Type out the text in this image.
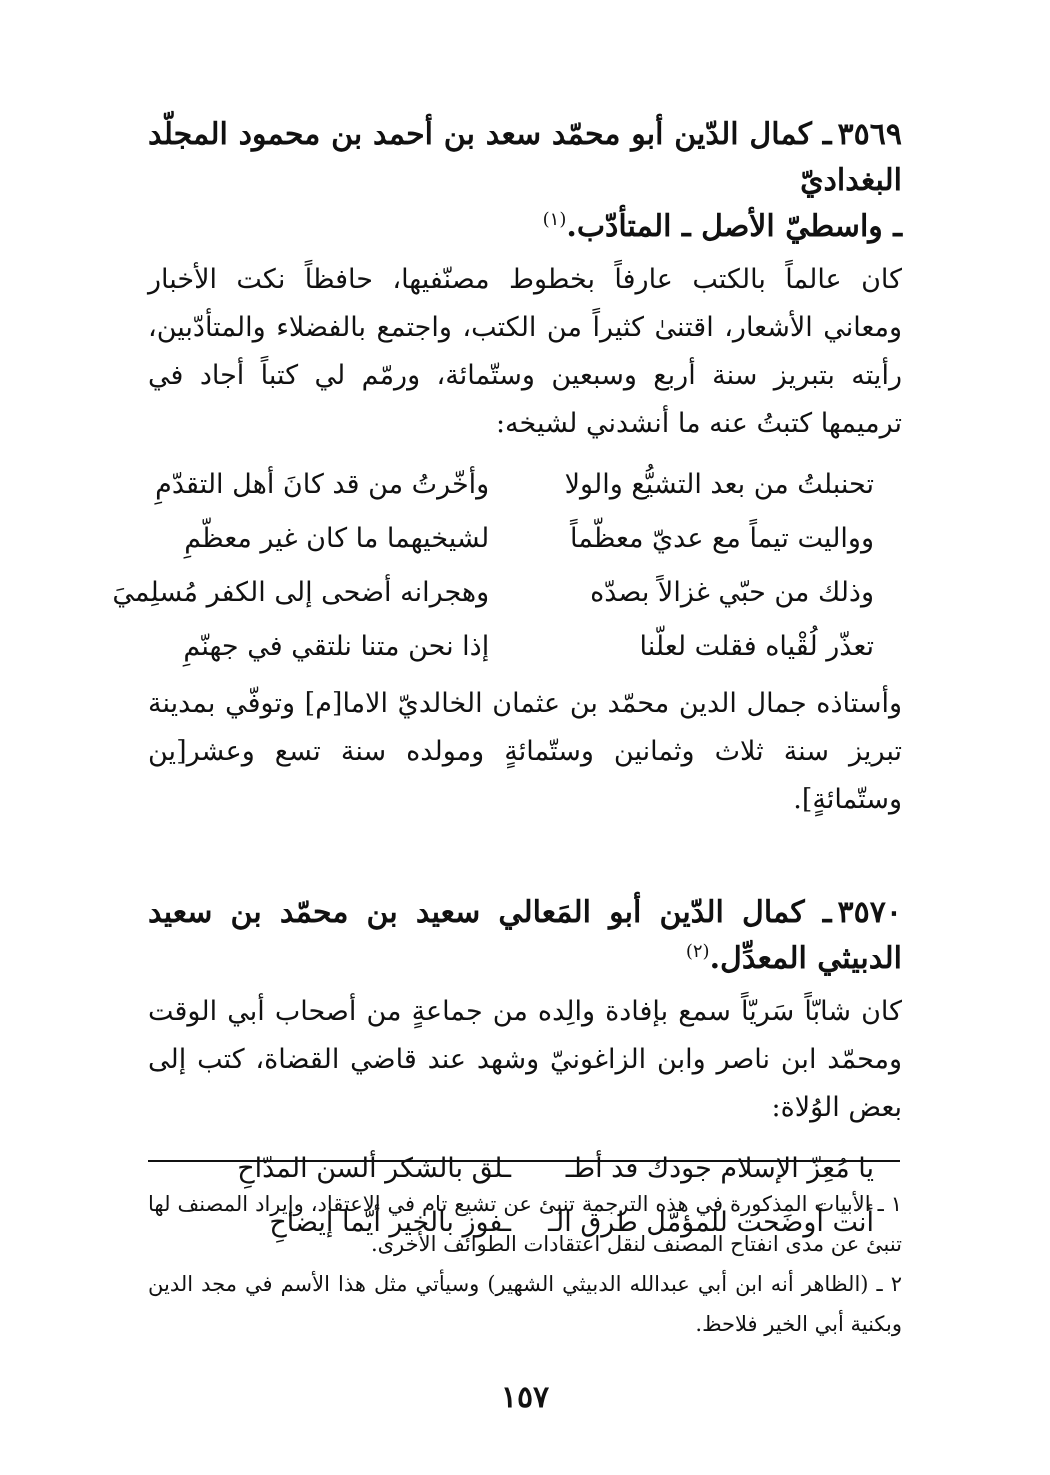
٣٥٦٩ـ كمال الدّين أبو محمّد سعد بن أحمد بن محمود المجلّد البغداديّ
ـ واسطيّ الأصل ـ المتأدّب.$^{(١)}$

كان عالماً بالكتب عارفاً بخطوط مصنّفيها، حافظاً نكت الأخبار ومعاني الأشعار، اقتنىٰ كثيراً من الكتب، واجتمع بالفضلاء والمتأدّبين، رأيته بتبريز سنة أربع وسبعين وستّمائة، ورمّم لي كتباً أجاد في ترميمها كتبتُ عنه ما أنشدني لشيخه:

تحنبلتُ من بعد التشيُّع والولا
وأخّرتُ من قد كانَ أهل التقدّمِ
وواليت تيماً مع عديّ معظّماً
لشيخيهما ما كان غير معظّمِ
وذلك من حبّي غزالاً بصدّه
وهجرانه أضحى إلى الكفر مُسلِميَ
تعذّر لُقْياه فقلت لعلّنا
إذا نحن متنا نلتقي في جهنّمِ

وأستاذه جمال الدين محمّد بن عثمان الخالديّ الاما[م] وتوفّي بمدينة تبريز سنة ثلاث وثمانين وستّمائةٍ ومولده سنة تسع وعشر[ين وستّمائةٍ].

٣٥٧٠ـ كمال الدّين أبو المَعالي سعيد بن محمّد بن سعيد الدبيثي المعدِّل.$^{(٢)}$

كان شابّاً سَريّاً سمع بإفادة والِده من جماعةٍ من أصحاب أبي الوقت ومحمّد ابن ناصر وابن الزاغونيّ وشهد عند قاضي القضاة، كتب إلى بعض الوُلاة:

يا مُعِزّ الإسلام جودك قد أطـ
ـلق بالشكر ألسن المدّاحِ
أنت أوضَحت للمؤمّل طرق الـ
ـفوز بالخير أيّما إيضاحِ

١ ـ الأبيات المذكورة في هذه الترجمة تنبئ عن تشيع تام في الاعتقاد، وإيراد المصنف لها تنبئ عن مدى انفتاح المصنف لنقل اعتقادات الطوائف الأخرى.

٢ ـ (الظاهر أنه ابن أبي عبدالله الدبيثي الشهير) وسيأتي مثل هذا الأسم في مجد الدين وبكنية أبي الخير فلاحظ.

١٥٧
